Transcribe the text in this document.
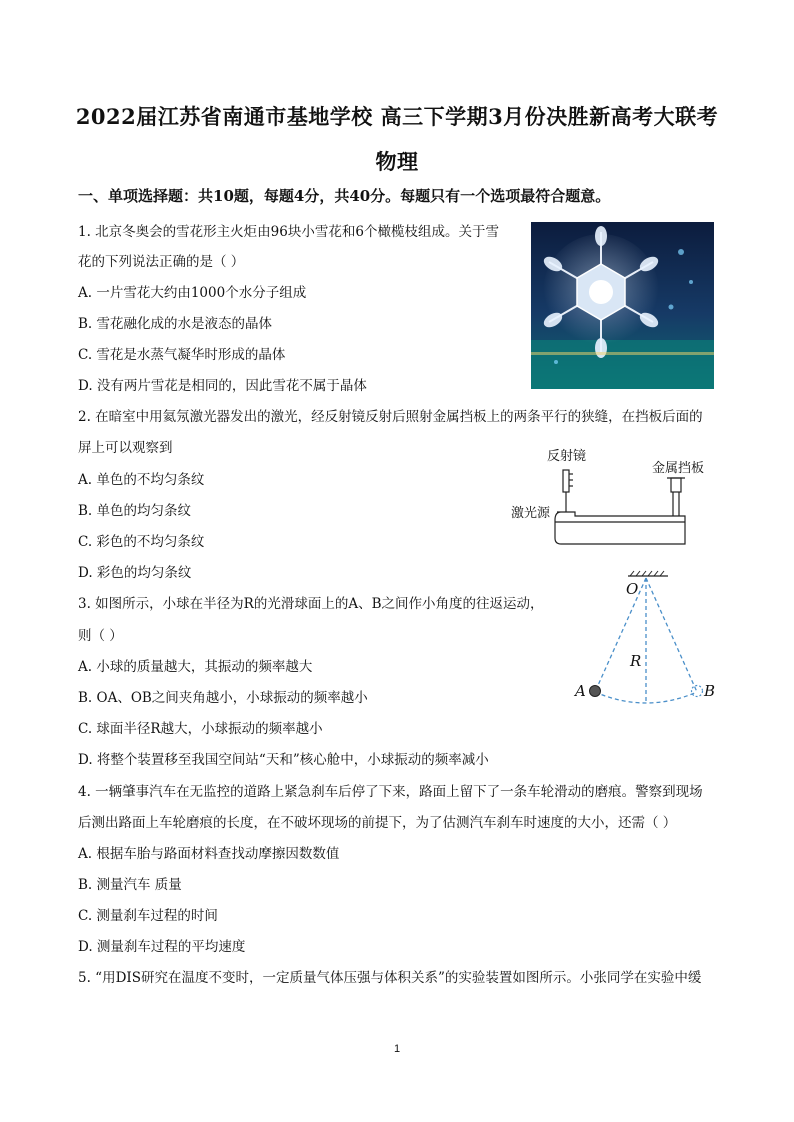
2022届江苏省南通市基地学校 高三下学期3月份决胜新高考大联考
物理
一、单项选择题：共10题，每题4分，共40分。每题只有一个选项最符合题意。
1. 北京冬奥会的雪花形主火炬由96块小雪花和6个橄榄枝组成。关于雪
花的下列说法正确的是（ ）
A. 一片雪花大约由1000个水分子组成
B. 雪花融化成的水是液态的晶体
C. 雪花是水蒸气凝华时形成的晶体
D. 没有两片雪花是相同的，因此雪花不属于晶体
2. 在暗室中用氦氖激光器发出的激光，经反射镜反射后照射金属挡板上的两条平行的狭缝，在挡板后面的
屏上可以观察到
A. 单色的不均匀条纹
B. 单色的均匀条纹
C. 彩色的不均匀条纹
D. 彩色的均匀条纹
反射镜
金属挡板
激光源
3. 如图所示，小球在半径为R的光滑球面上的A、B之间作小角度的往返运动，
则（ ）
A. 小球的质量越大，其振动的频率越大
B. OA、OB之间夹角越小，小球振动的频率越小
C. 球面半径R越大，小球振动的频率越小
D. 将整个装置移至我国空间站“天和”核心舱中，小球振动的频率减小
O
R
A	B
4. 一辆肇事汽车在无监控的道路上紧急刹车后停了下来，路面上留下了一条车轮滑动的磨痕。警察到现场
后测出路面上车轮磨痕的长度，在不破坏现场的前提下，为了估测汽车刹车时速度的大小，还需（ ）
A. 根据车胎与路面材料查找动摩擦因数数值
B. 测量汽车 质量
C. 测量刹车过程的时间
D. 测量刹车过程的平均速度
5. “用DIS研究在温度不变时，一定质量气体压强与体积关系”的实验装置如图所示。小张同学在实验中缓
1
